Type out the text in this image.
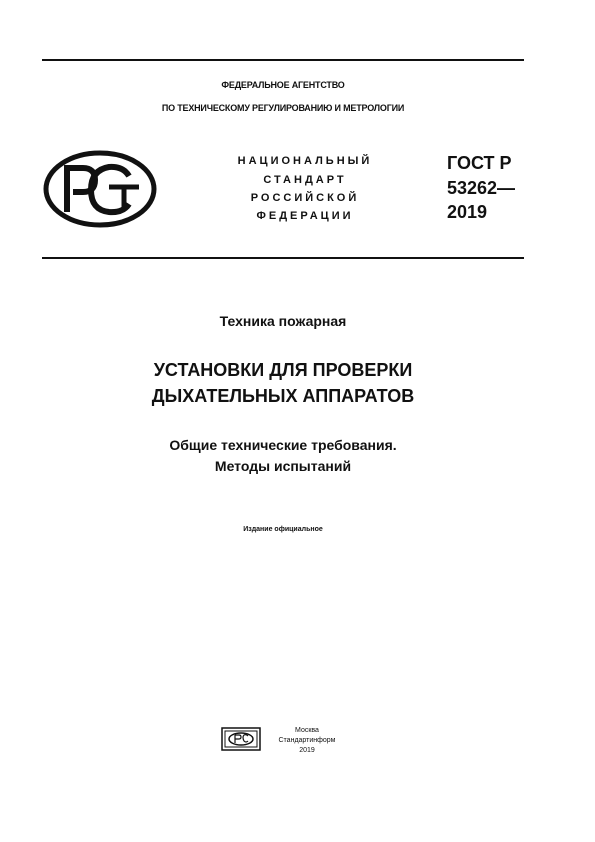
ФЕДЕРАЛЬНОЕ АГЕНТСТВО
ПО ТЕХНИЧЕСКОМУ РЕГУЛИРОВАНИЮ И МЕТРОЛОГИИ
НАЦИОНАЛЬНЫЙ
СТАНДАРТ
РОССИЙСКОЙ
ФЕДЕРАЦИИ
ГОСТ Р
53262—
2019
Техника пожарная
УСТАНОВКИ ДЛЯ ПРОВЕРКИ
ДЫХАТЕЛЬНЫХ АППАРАТОВ
Общие технические требования.
Методы испытаний
Издание официальное
Москва
Стандартинформ
2019
